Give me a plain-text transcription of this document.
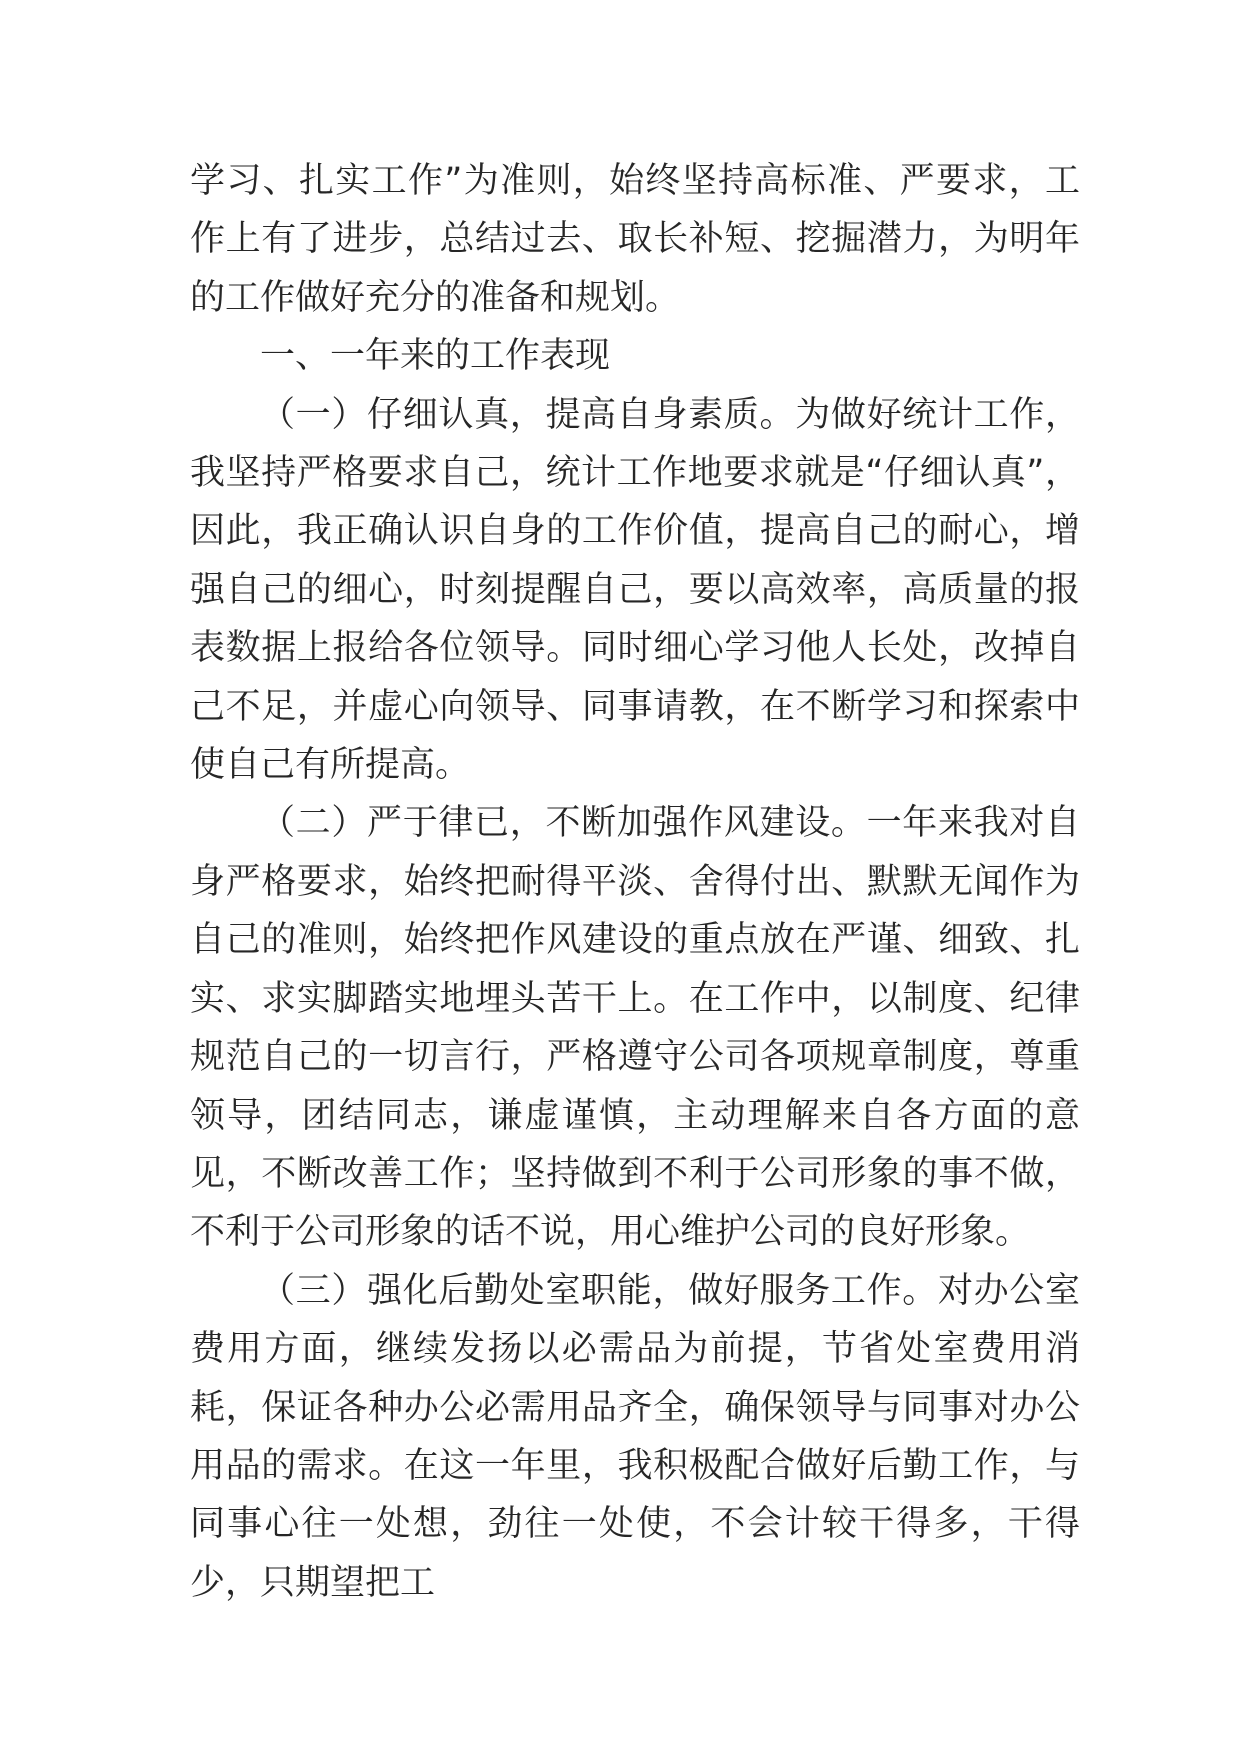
学习、扎实工作”为准则，始终坚持高标准、严要求，工作上有了进步，总结过去、取长补短、挖掘潜力，为明年的工作做好充分的准备和规划。

一、一年来的工作表现

（一）仔细认真，提高自身素质。为做好统计工作，我坚持严格要求自己，统计工作地要求就是“仔细认真”，因此，我正确认识自身的工作价值，提高自己的耐心，增强自己的细心，时刻提醒自己，要以高效率，高质量的报表数据上报给各位领导。同时细心学习他人长处，改掉自己不足，并虚心向领导、同事请教，在不断学习和探索中使自己有所提高。

（二）严于律已，不断加强作风建设。一年来我对自身严格要求，始终把耐得平淡、舍得付出、默默无闻作为自己的准则，始终把作风建设的重点放在严谨、细致、扎实、求实脚踏实地埋头苦干上。在工作中，以制度、纪律规范自己的一切言行，严格遵守公司各项规章制度，尊重领导，团结同志，谦虚谨慎，主动理解来自各方面的意见，不断改善工作；坚持做到不利于公司形象的事不做，不利于公司形象的话不说，用心维护公司的良好形象。

（三）强化后勤处室职能，做好服务工作。对办公室费用方面，继续发扬以必需品为前提，节省处室费用消耗，保证各种办公必需用品齐全，确保领导与同事对办公用品的需求。在这一年里，我积极配合做好后勤工作，与同事心往一处想，劲往一处使，不会计较干得多，干得少，只期望把工
